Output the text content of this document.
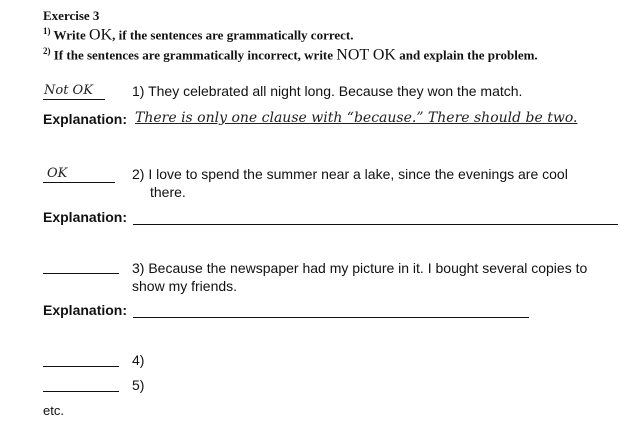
Exercise 3
$^{1)}$ Write OK, if the sentences are grammatically correct.
$^{2)}$ If the sentences are grammatically incorrect, write NOT OK and explain the problem.
Not OK	1) They celebrated all night long. Because they won the match.
Explanation: There is only one clause with “because.” There should be two.
OK	2) I love to spend the summer near a lake, since the evenings are cool
there.
Explanation:
3) Because the newspaper had my picture in it. I bought several copies to
show my friends.
Explanation:
4)
5)
etc.
